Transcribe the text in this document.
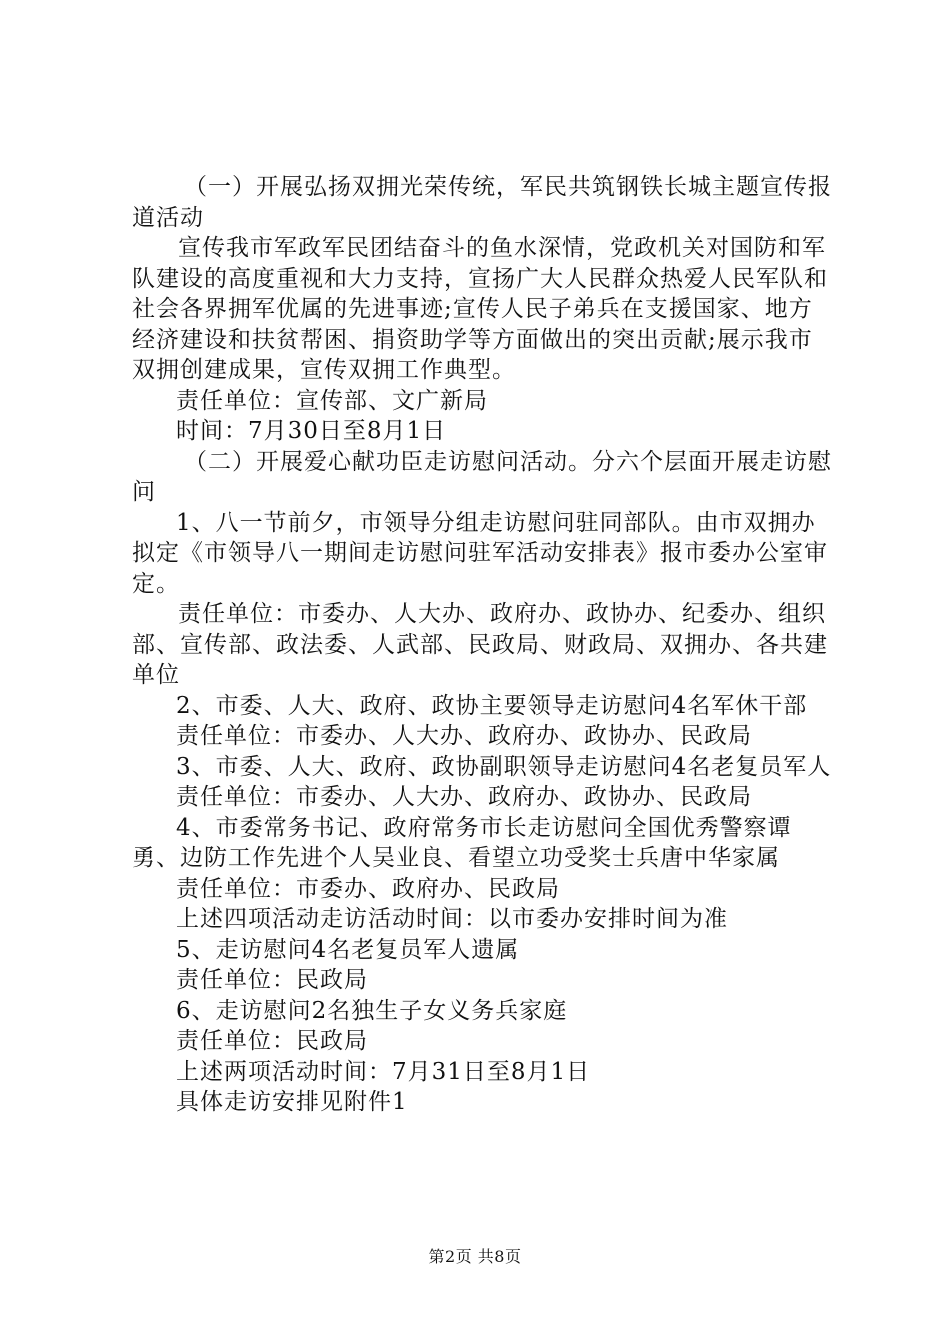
（一）开展弘扬双拥光荣传统，军民共筑钢铁长城主题宣传报道活动

宣传我市军政军民团结奋斗的鱼水深情，党政机关对国防和军队建设的高度重视和大力支持，宣扬广大人民群众热爱人民军队和社会各界拥军优属的先进事迹;宣传人民子弟兵在支援国家、地方经济建设和扶贫帮困、捐资助学等方面做出的突出贡献;展示我市双拥创建成果，宣传双拥工作典型。

责任单位：宣传部、文广新局

时间：7月30日至8月1日

（二）开展爱心献功臣走访慰问活动。分六个层面开展走访慰问

1、八一节前夕，市领导分组走访慰问驻同部队。由市双拥办拟定《市领导八一期间走访慰问驻军活动安排表》报市委办公室审定。

责任单位：市委办、人大办、政府办、政协办、纪委办、组织部、宣传部、政法委、人武部、民政局、财政局、双拥办、各共建单位

2、市委、人大、政府、政协主要领导走访慰问4名军休干部

责任单位：市委办、人大办、政府办、政协办、民政局

3、市委、人大、政府、政协副职领导走访慰问4名老复员军人

责任单位：市委办、人大办、政府办、政协办、民政局

4、市委常务书记、政府常务市长走访慰问全国优秀警察谭勇、边防工作先进个人吴业良、看望立功受奖士兵唐中华家属

责任单位：市委办、政府办、民政局

上述四项活动走访活动时间：以市委办安排时间为准

5、走访慰问4名老复员军人遗属

责任单位：民政局

6、走访慰问2名独生子女义务兵家庭

责任单位：民政局

上述两项活动时间：7月31日至8月1日

具体走访安排见附件1

第2页 共8页
